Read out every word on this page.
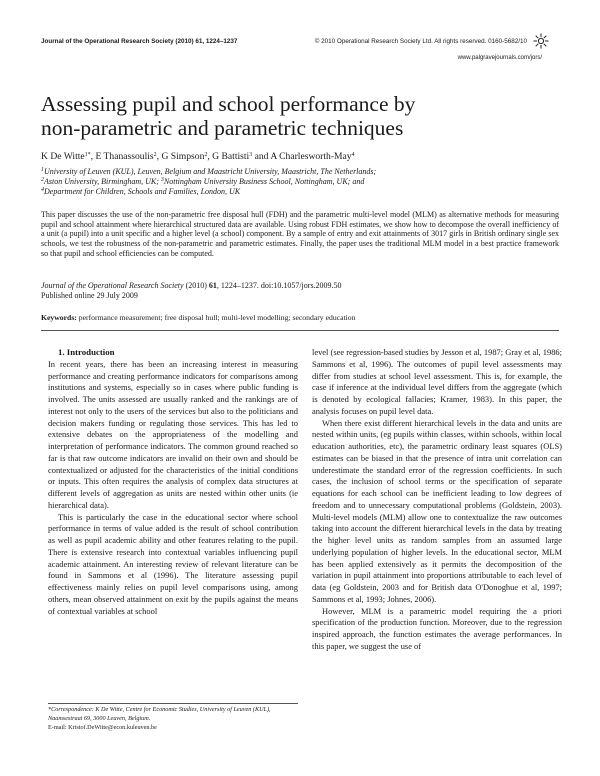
Journal of the Operational Research Society (2010) 61, 1224–1237	© 2010 Operational Research Society Ltd. All rights reserved. 0160-5682/10
www.palgravejournals.com/jors/
Assessing pupil and school performance by
non-parametric and parametric techniques
K De Witte$^{1*}$, E Thanassoulis$^2$, G Simpson$^2$, G Battisti$^3$ and A Charlesworth-May$^4$
$^1$University of Leuven (KUL), Leuven, Belgium and Maastricht University, Maastricht, The Netherlands;
$^2$Aston University, Birmingham, UK; $^3$Nottingham University Business School, Nottingham, UK; and
$^4$Department for Children, Schools and Families, London, UK

This paper discusses the use of the non-parametric free disposal hull (FDH) and the parametric multi-level model (MLM) as alternative methods for measuring pupil and school attainment where hierarchical structured data are available. Using robust FDH estimates, we show how to decompose the overall inefficiency of a unit (a pupil) into a unit specific and a higher level (a school) component. By a sample of entry and exit attainments of 3017 girls in British ordinary single sex schools, we test the robustness of the non-parametric and parametric estimates. Finally, the paper uses the traditional MLM model in a best practice framework so that pupil and school efficiencies can be computed.

Journal of the Operational Research Society (2010) 61, 1224–1237. doi:10.1057/jors.2009.50
Published online 29 July 2009
Keywords: performance measurement; free disposal hull; multi-level modelling; secondary education

1. Introduction

In recent years, there has been an increasing interest in measuring performance and creating performance indicators for comparisons among institutions and systems, especially so in cases where public funding is involved. The units assessed are usually ranked and the rankings are of interest not only to the users of the services but also to the politicians and decision makers funding or regulating those services. This has led to extensive debates on the appropriateness of the modelling and interpretation of performance indicators. The common ground reached so far is that raw outcome indicators are invalid on their own and should be contextualized or adjusted for the characteristics of the initial conditions or inputs. This often requires the analysis of complex data structures at different levels of aggregation as units are nested within other units (ie hierarchical data).

This is particularly the case in the educational sector where school performance in terms of value added is the result of school contribution as well as pupil academic ability and other features relating to the pupil. There is extensive research into contextual variables influencing pupil academic attainment. An interesting review of relevant literature can be found in Sammons et al (1996). The literature assessing pupil effectiveness mainly relies on pupil level comparisons using, among others, mean observed attainment on exit by the pupils against the means of contextual variables at school

level (see regression-based studies by Jesson et al, 1987; Gray et al, 1986; Sammons et al, 1996). The outcomes of pupil level assessments may differ from studies at school level assessment. This is, for example, the case if inference at the individual level differs from the aggregate (which is denoted by ecological fallacies; Kramer, 1983). In this paper, the analysis focuses on pupil level data.

When there exist different hierarchical levels in the data and units are nested within units, (eg pupils within classes, within schools, within local education authorities, etc), the parametric ordinary least squares (OLS) estimates can be biased in that the presence of intra unit correlation can underestimate the standard error of the regression coefficients. In such cases, the inclusion of school terms or the specification of separate equations for each school can be inefficient leading to low degrees of freedom and to unnecessary computational problems (Goldstein, 2003). Multi-level models (MLM) allow one to contextualize the raw outcomes taking into account the different hierarchical levels in the data by treating the higher level units as random samples from an assumed large underlying population of higher levels. In the educational sector, MLM has been applied extensively as it permits the decomposition of the variation in pupil attainment into proportions attributable to each level of data (eg Goldstein, 2003 and for British data O'Donoghue et al, 1997; Sammons et al, 1993; Johnes, 2006).

However, MLM is a parametric model requiring the a priori specification of the production function. Moreover, due to the regression inspired approach, the function estimates the average performances. In this paper, we suggest the use of

*Correspondence: K De Witte, Centre for Economic Studies, University of Leuven (KUL), Naamsestraat 69, 3000 Leuven, Belgium.
E-mail: Kristof.DeWitte@econ.kuleuven.be
